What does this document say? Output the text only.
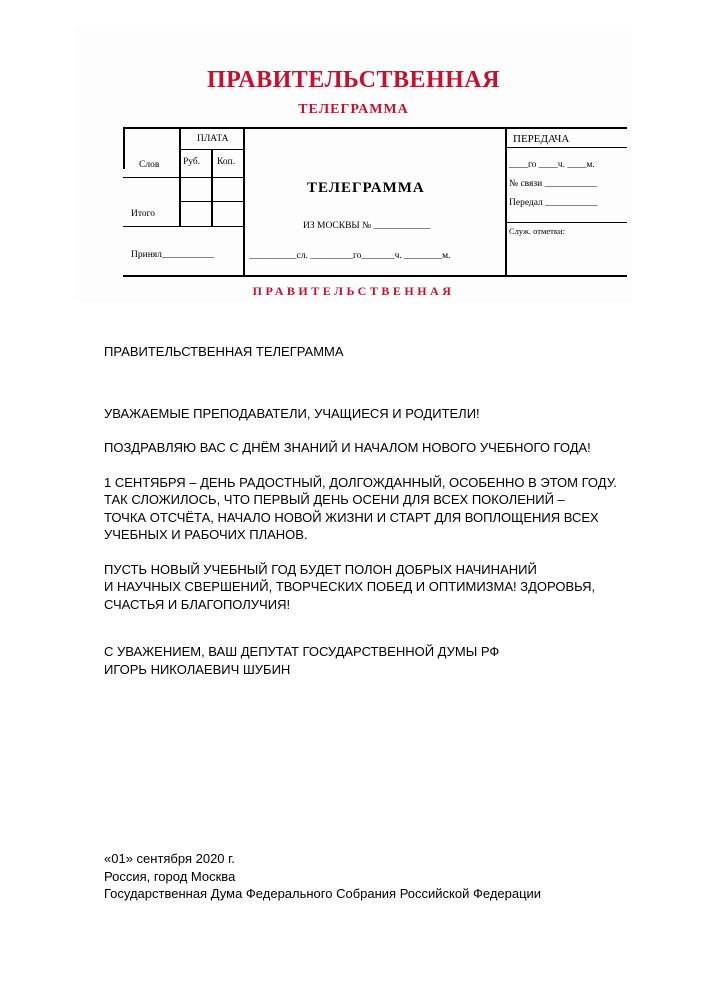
ПРАВИТЕЛЬСТВЕННАЯ
ТЕЛЕГРАММА
ПЛАТА
Слов Руб. Коп.
Итого
Принял___________
ТЕЛЕГРАММА
ИЗ МОСКВЫ № ____________
__________сл. _________го_______ч. ________м.
ПЕРЕДАЧА
____го ____ч. ____м.
№ связи ___________
Передал ___________
Служ. отметки:
ПРАВИТЕЛЬСТВЕННАЯ

ПРАВИТЕЛЬСТВЕННАЯ ТЕЛЕГРАММА

УВАЖАЕМЫЕ ПРЕПОДАВАТЕЛИ, УЧАЩИЕСЯ И РОДИТЕЛИ!

ПОЗДРАВЛЯЮ ВАС С ДНЁМ ЗНАНИЙ И НАЧАЛОМ НОВОГО УЧЕБНОГО ГОДА!

1 СЕНТЯБРЯ – ДЕНЬ РАДОСТНЫЙ, ДОЛГОЖДАННЫЙ, ОСОБЕННО В ЭТОМ ГОДУ.

ТАК СЛОЖИЛОСЬ, ЧТО ПЕРВЫЙ ДЕНЬ ОСЕНИ ДЛЯ ВСЕХ ПОКОЛЕНИЙ –

ТОЧКА ОТСЧЁТА, НАЧАЛО НОВОЙ ЖИЗНИ И СТАРТ ДЛЯ ВОПЛОЩЕНИЯ ВСЕХ

УЧЕБНЫХ И РАБОЧИХ ПЛАНОВ.

ПУСТЬ НОВЫЙ УЧЕБНЫЙ ГОД БУДЕТ ПОЛОН ДОБРЫХ НАЧИНАНИЙ

И НАУЧНЫХ СВЕРШЕНИЙ, ТВОРЧЕСКИХ ПОБЕД И ОПТИМИЗМА! ЗДОРОВЬЯ,

СЧАСТЬЯ И БЛАГОПОЛУЧИЯ!

С УВАЖЕНИЕМ, ВАШ ДЕПУТАТ ГОСУДАРСТВЕННОЙ ДУМЫ РФ

ИГОРЬ НИКОЛАЕВИЧ ШУБИН

«01» сентября 2020 г.

Россия, город Москва

Государственная Дума Федерального Собрания Российской Федерации
